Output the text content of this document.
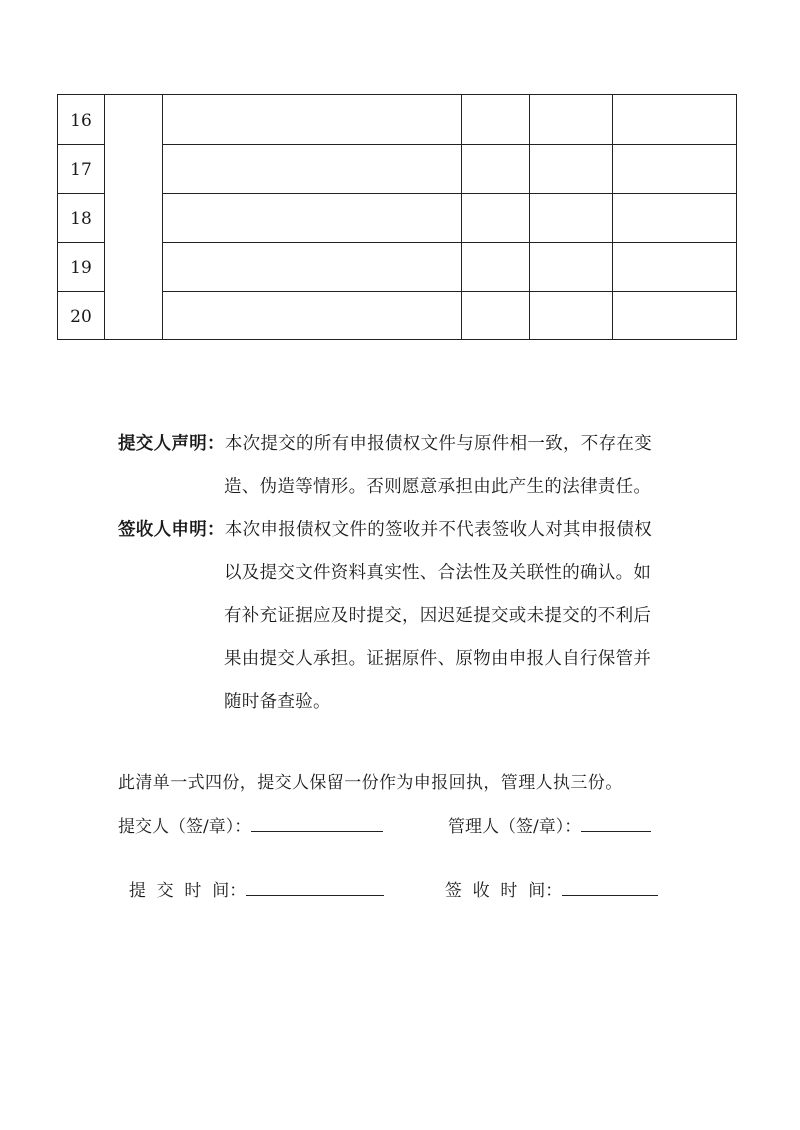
16
17
18
19
20
提交人声明：本次提交的所有申报债权文件与原件相一致，不存在变
造、伪造等情形。否则愿意承担由此产生的法律责任。
签收人申明：本次申报债权文件的签收并不代表签收人对其申报债权
以及提交文件资料真实性、合法性及关联性的确认。如
有补充证据应及时提交，因迟延提交或未提交的不利后
果由提交人承担。证据原件、原物由申报人自行保管并
随时备查验。
此清单一式四份，提交人保留一份作为申报回执，管理人执三份。
提交人（签/章）：	管理人（签/章）：

提  交  时  间：	签  收  时  间：
